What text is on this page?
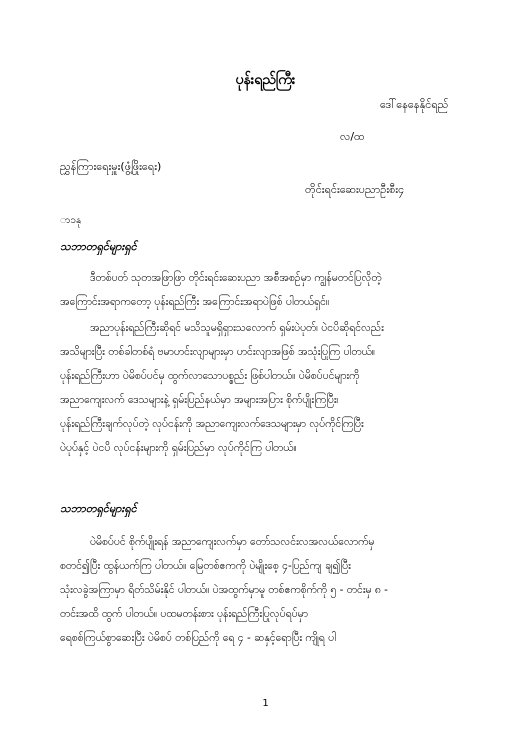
ပုန်းရည်ကြီး
ဒေါ်နေနေနိုင်ရည်
လ/ထ
ညွှန်ကြားရေးမှူး(ဖွံ့ဖြိုးရေး)
တိုင်းရင်းဆေးပညာဦးစီး၄
ာ၁နု
သဘာတရှင်များရှင်
ဒီတစ်ပတ် သုတအဖြာဖြာ တိုင်းရင်းဆေးပညာ အစီအစဉ်မှာ ကျွန်မတင်ပြလိုတဲ့
အကြောင်းအရာကတော့ ပုန်းရည်ကြီး အကြောင်းအရာပဲဖြစ် ပါတယ်ရှင်။
အညာပုန်းရည်ကြီးဆိုရင် မသိသူမရှိရှားသလောက် ရှမ်းပဲပုတ်၊ ပဲငပိဆိုရင်လည်း
အသိများပြီး တစ်ခါတစ်ရံ ဗမာဟင်းလျာများမှာ ဟင်းလျာအဖြစ် အသုံးပြုကြ ပါတယ်။
ပုန်းရည်ကြီးဟာ ပဲမိစပ်ပင်မှ ထွက်လာသောပစ္စည်း ဖြစ်ပါတယ်။ ပဲမိစပ်ပင်များကို
အညာကျေးလက် ဒေသများနဲ့ ရှမ်းပြည်နယ်မှာ အများအပြား စိုက်ပျိုးကြပြီး၊
ပုန်းရည်ကြီးချက်လုပ်တဲ့ လုပ်ငန်းကို အညာကျေးလက်ဒေသများမှာ လုပ်ကိုင်ကြပြီး
ပဲပုပ်နှင့် ပဲငပိ လုပ်ငန်းများကို ရှမ်းပြည်မှာ လုပ်ကိုင်ကြ ပါတယ်။
သဘာတရှင်များရှင်
ပဲမိစပ်ပင် စိုက်ပျိုးရန် အညာကျေးလက်မှာ တော်သလင်းလအလယ်လောက်မှ
စတင်၍ပြီး ထွန်ယက်ကြ ပါတယ်။ မြေတစ်ဧကကို ပဲမျိုးစေ့ ၄-ပြည်ကျ ချ၍ပြီး
သုံးလခွဲအကြာမှာ ရိတ်သိမ်းနိုင် ပါတယ်။ ပဲအထွက်မှာမူ တစ်ဧကစိုက်ကို ၅ - တင်းမှ ၈ -
တင်းအထိ ထွက် ပါတယ်။ ပထမတန်းစား ပုန်းရည်ကြီးပြုလုပ်ရပ်မှာ
ရေစစ်ကြယ်စွာဆေးပြီး ပဲမိစပ် တစ်ပြည်ကို ရေ ၄ - ဆနှင့်ရောပြီး ကျိုရ ပါ
1
